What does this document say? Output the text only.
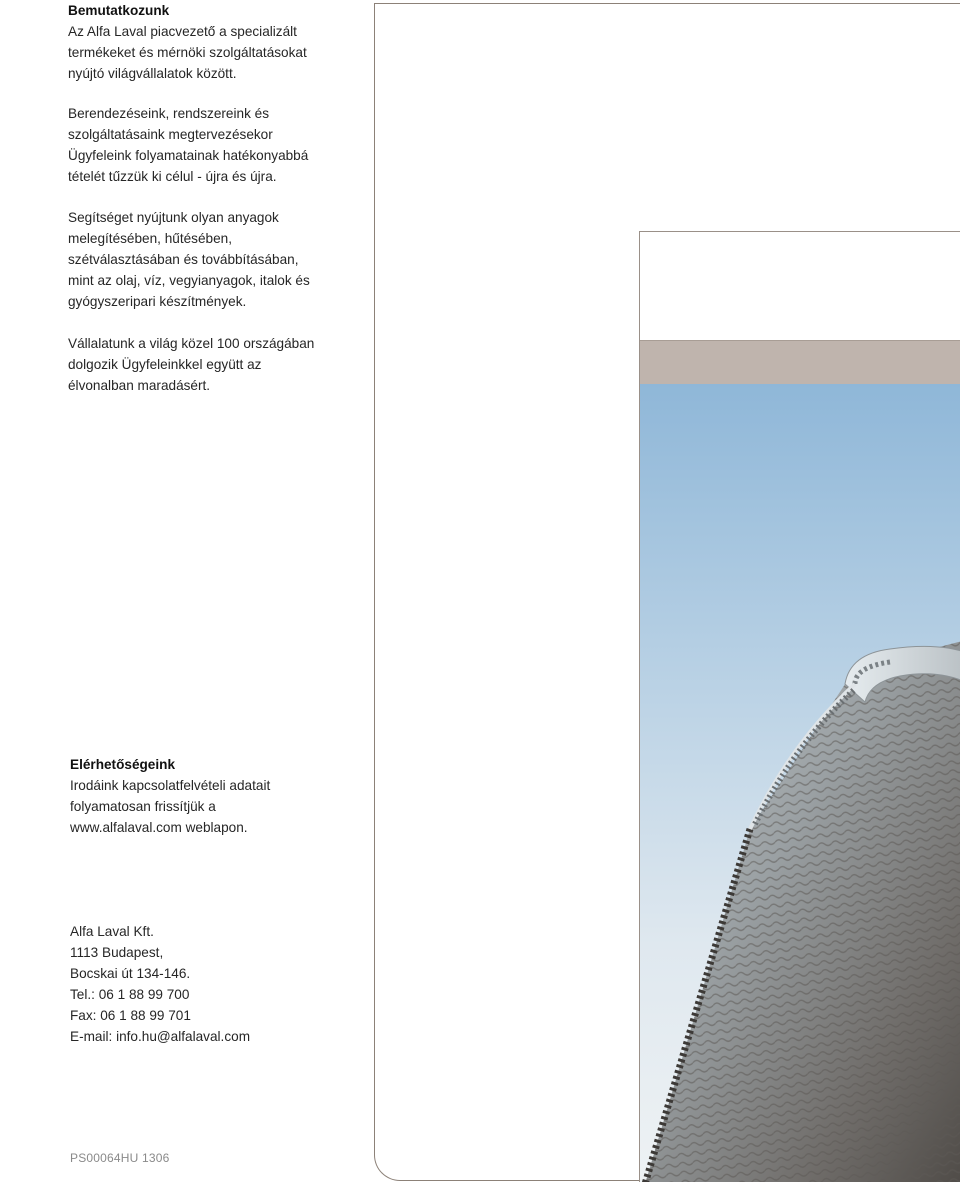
Bemutatkozunk
Az Alfa Laval piacvezető a specializált
termékeket és mérnöki szolgáltatásokat
nyújtó világvállalatok között.
Berendezéseink, rendszereink és
szolgáltatásaink megtervezésekor
Ügyfeleink folyamatainak hatékonyabbá
tételét tűzzük ki célul - újra és újra.
Segítséget nyújtunk olyan anyagok
melegítésében, hűtésében,
szétválasztásában és továbbításában,
mint az olaj, víz, vegyianyagok, italok és
gyógyszeripari készítmények.
Vállalatunk a világ közel 100 országában
dolgozik Ügyfeleinkkel együtt az
élvonalban maradásért.
Elérhetőségeink
Irodáink kapcsolatfelvételi adatait
folyamatosan frissítjük a
www.alfalaval.com weblapon.
Alfa Laval Kft.
1113 Budapest,
Bocskai út 134-146.
Tel.: 06 1 88 99 700
Fax: 06 1 88 99 701
E-mail: info.hu@alfalaval.com
PS00064HU 1306
